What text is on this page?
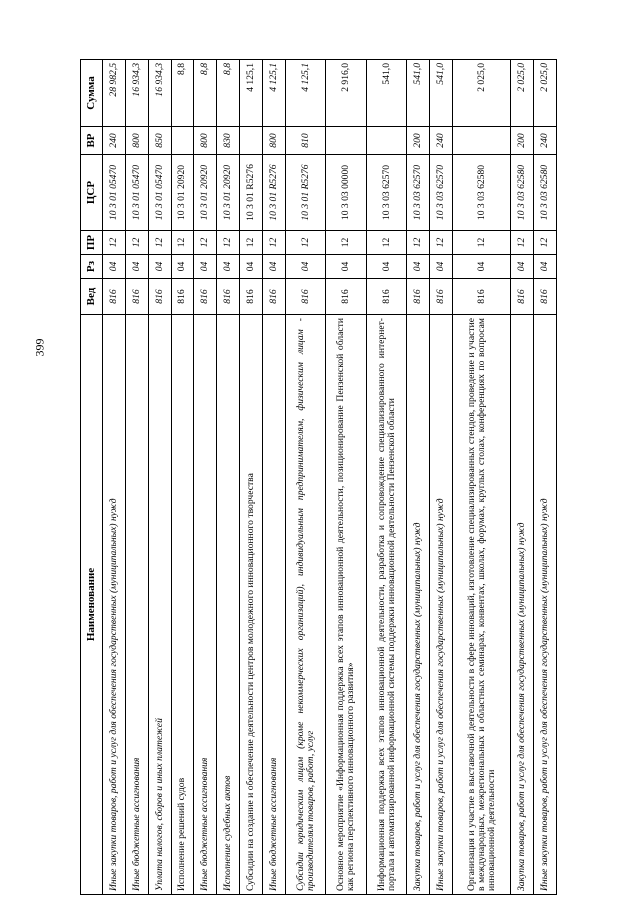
399
Наименование	Вед	Рз	ПР	ЦСР	ВР	Сумма
Иные закупки товаров, работ и услуг для обеспечения государственных (муниципальных) нужд	816	04	12	10 3 01 05470	240	28 982,5
Иные бюджетные ассигнования	816	04	12	10 3 01 05470	800	16 934,3
Уплата налогов, сборов и иных платежей	816	04	12	10 3 01 05470	850	16 934,3
Исполнение решений судов	816	04	12	10 3 01 20920		8,8
Иные бюджетные ассигнования	816	04	12	10 3 01 20920	800	8,8
Исполнение судебных актов	816	04	12	10 3 01 20920	830	8,8
Субсидии на создание и обеспечение деятельности центров молодежного инновационного творчества	816	04	12	10 3 01 R5276		4 125,1
Иные бюджетные ассигнования	816	04	12	10 3 01 R5276	800	4 125,1
Субсидии юридическим лицам (кроме некоммерческих организаций), индивидуальным предпринимателям, физическим лицам - производителям товаров, работ, услуг	816	04	12	10 3 01 R5276	810	4 125,1
Основное мероприятие «Информационная поддержка всех этапов инновационной деятельности, позиционирование Пензенской области как региона перспективного инновационного развития»	816	04	12	10 3 03 00000		2 916,0
Информационная поддержка всех этапов инновационной деятельности, разработка и сопровождение специализированного интернет-портала и автоматизированной информационной системы поддержки инновационной деятельности Пензенской области	816	04	12	10 3 03 62570		541,0
Закупка товаров, работ и услуг для обеспечения государственных (муниципальных) нужд	816	04	12	10 3 03 62570	200	541,0
Иные закупки товаров, работ и услуг для обеспечения государственных (муниципальных) нужд	816	04	12	10 3 03 62570	240	541,0
Организация и участие в выставочной деятельности в сфере инноваций, изготовление специализированных стендов, проведение и участие в международных, межрегиональных и областных семинарах, конвентах, школах, форумах, круглых столах, конференциях по вопросам инновационной деятельности	816	04	12	10 3 03 62580		2 025,0
Закупка товаров, работ и услуг для обеспечения государственных (муниципальных) нужд	816	04	12	10 3 03 62580	200	2 025,0
Иные закупки товаров, работ и услуг для обеспечения государственных (муниципальных) нужд	816	04	12	10 3 03 62580	240	2 025,0
